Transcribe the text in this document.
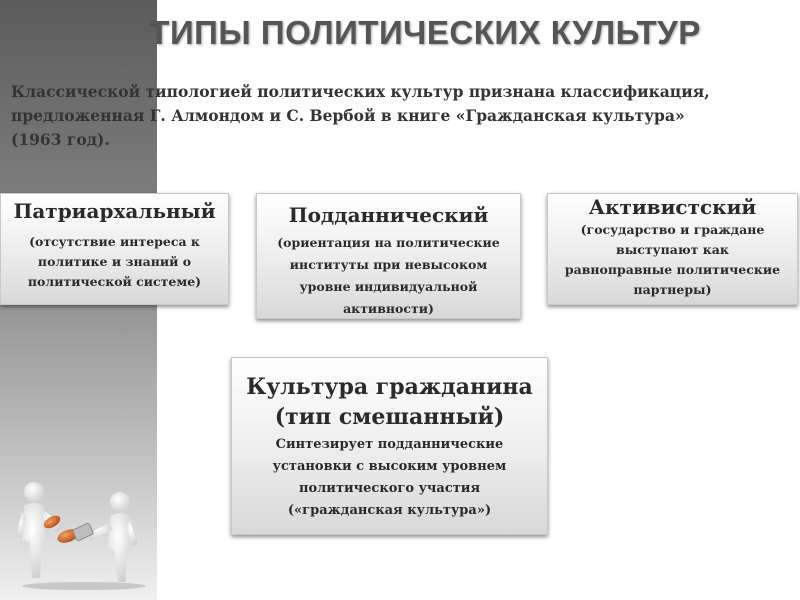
ТИПЫ ПОЛИТИЧЕСКИХ КУЛЬТУР
Классической типологией политических культур признана классификация,
предложенная Г. Алмондом и С. Вербой в книге «Гражданская культура»
(1963 год).
Патриархальный
(отсутствие интереса к
политике и знаний о
политической системе)
Подданнический
(ориентация на политические
институты при невысоком
уровне индивидуальной
активности)
Активистский
(государство и граждане
выступают как
равноправные политические
партнеры)
Культура гражданина
(тип смешанный)
Синтезирует подданнические
установки с высоким уровнем
политического участия
(«гражданская культура»)
